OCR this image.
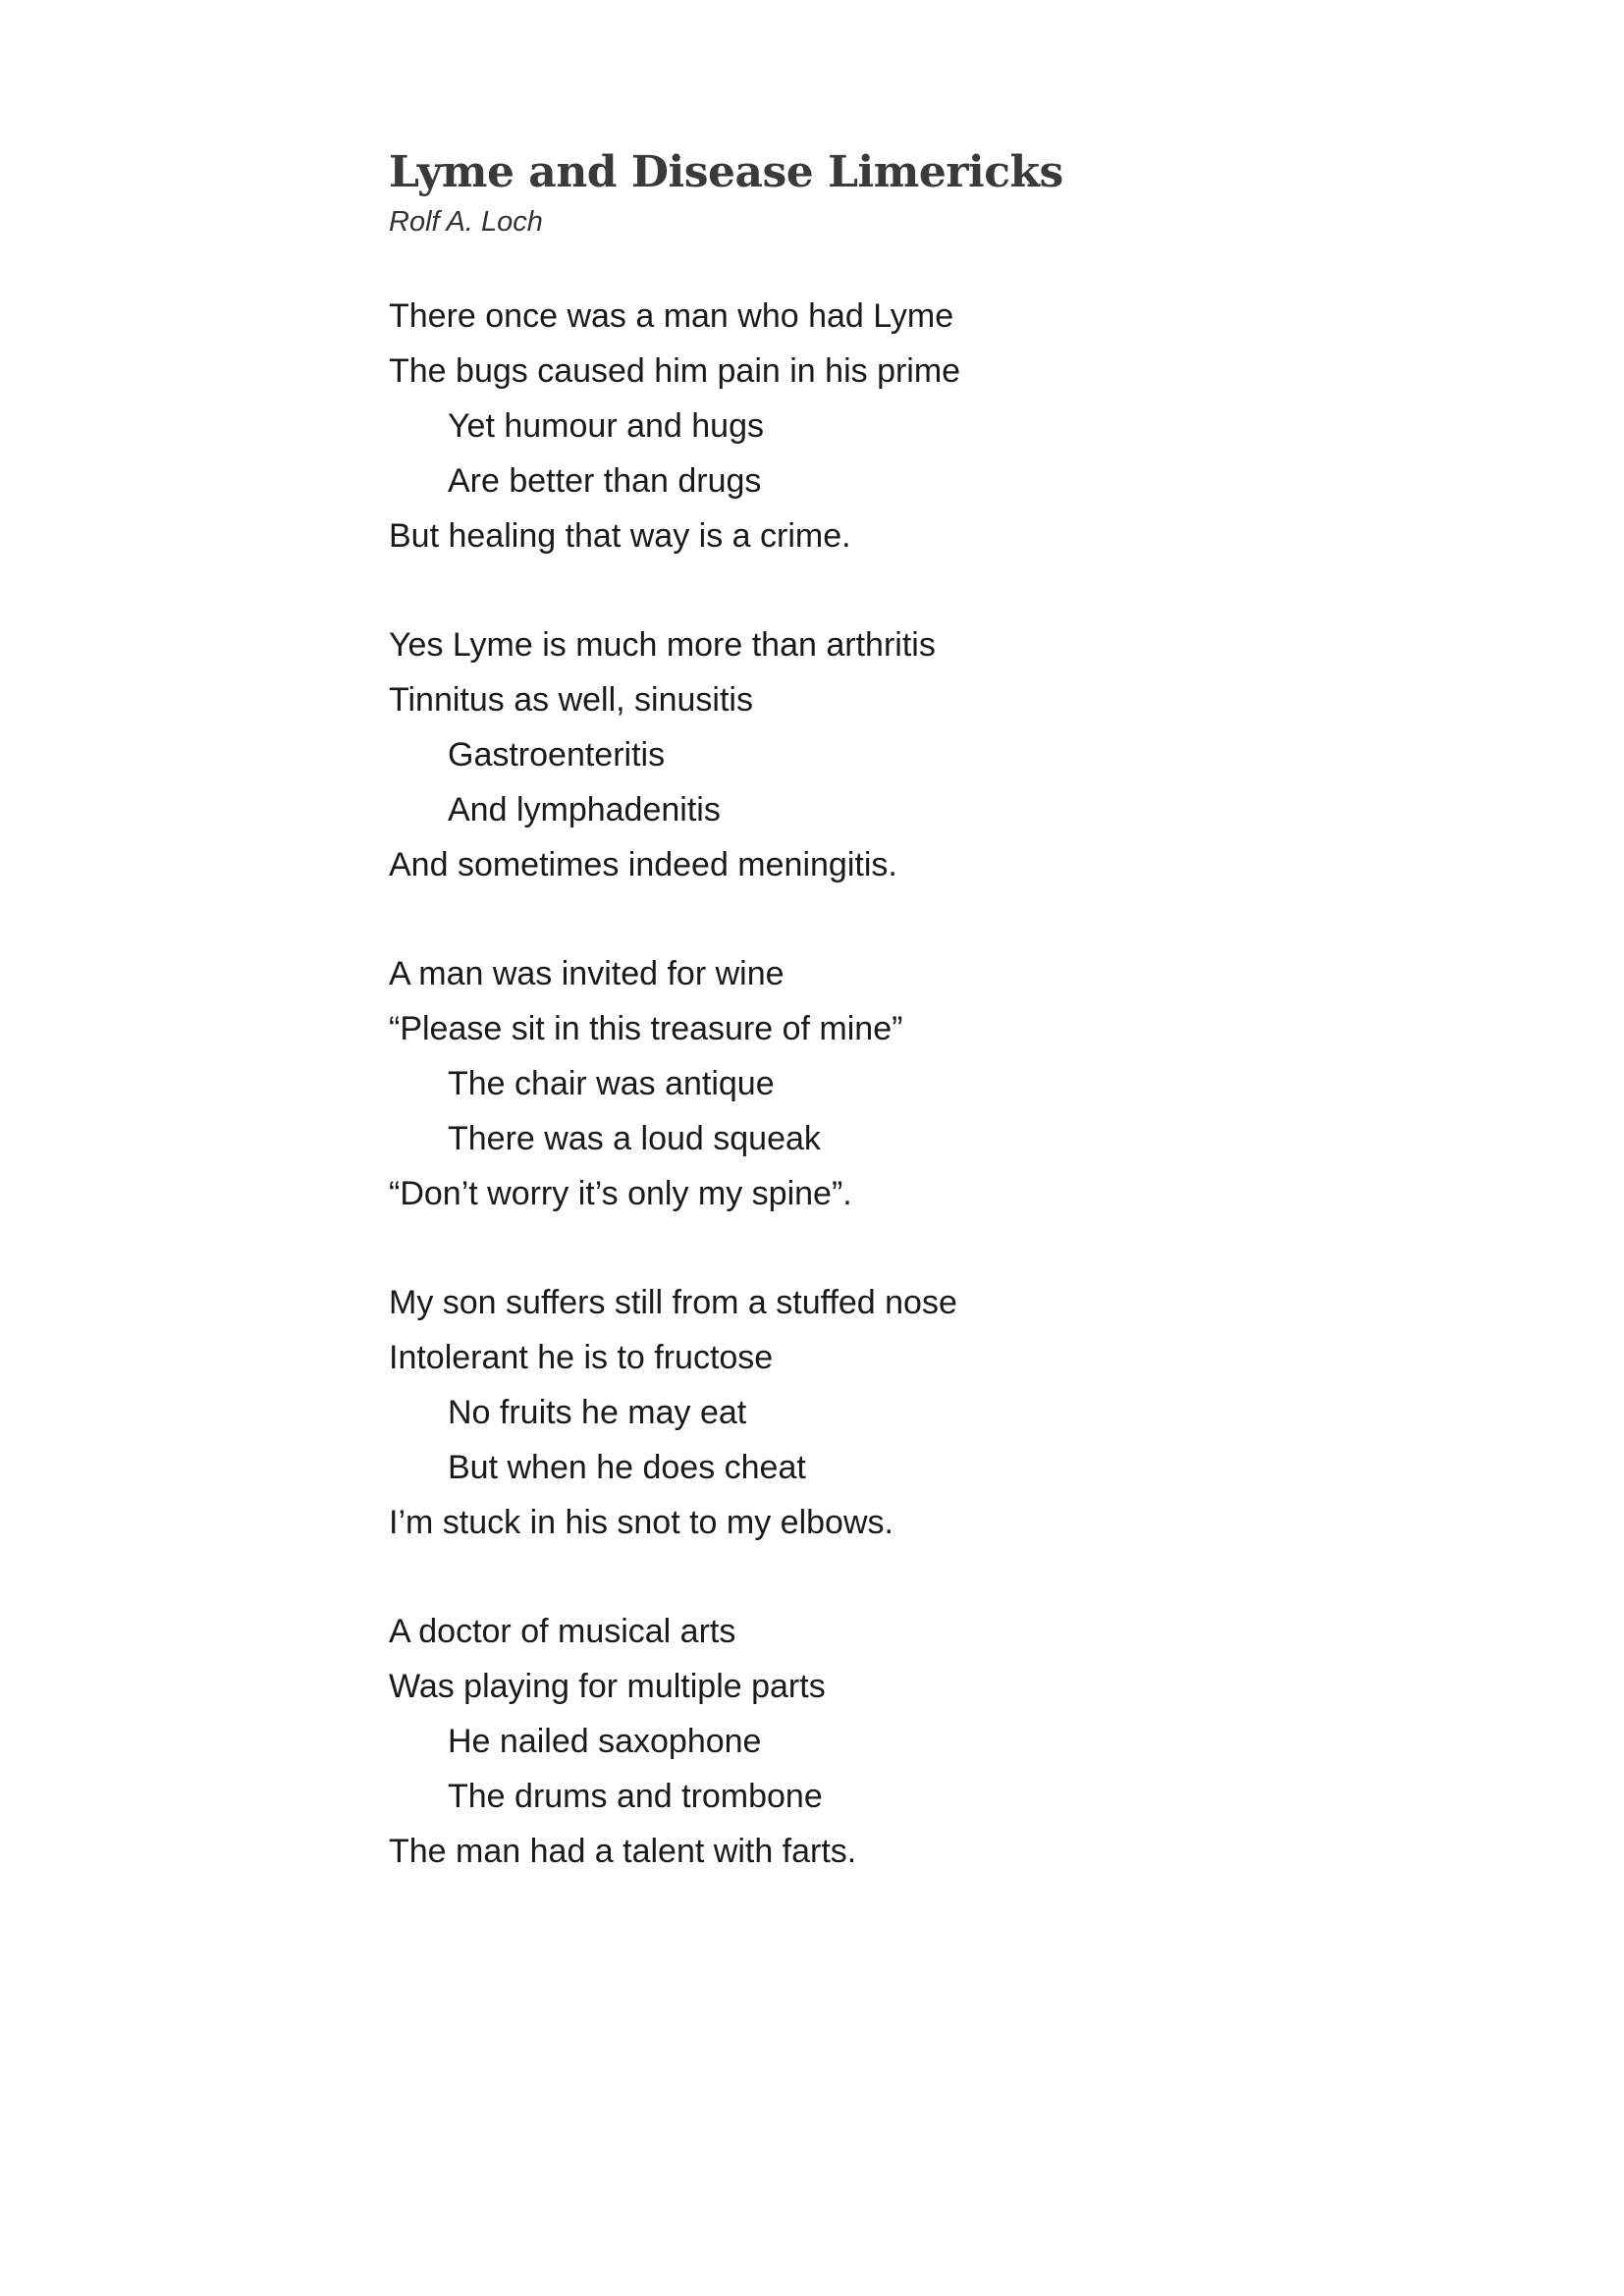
Lyme and Disease Limericks
Rolf A. Loch
There once was a man who had Lyme
The bugs caused him pain in his prime
Yet humour and hugs
Are better than drugs
But healing that way is a crime.
Yes Lyme is much more than arthritis
Tinnitus as well, sinusitis
Gastroenteritis
And lymphadenitis
And sometimes indeed meningitis.
A man was invited for wine
“Please sit in this treasure of mine”
The chair was antique
There was a loud squeak
“Don’t worry it’s only my spine”.
My son suffers still from a stuffed nose
Intolerant he is to fructose
No fruits he may eat
But when he does cheat
I’m stuck in his snot to my elbows.
A doctor of musical arts
Was playing for multiple parts
He nailed saxophone
The drums and trombone
The man had a talent with farts.
